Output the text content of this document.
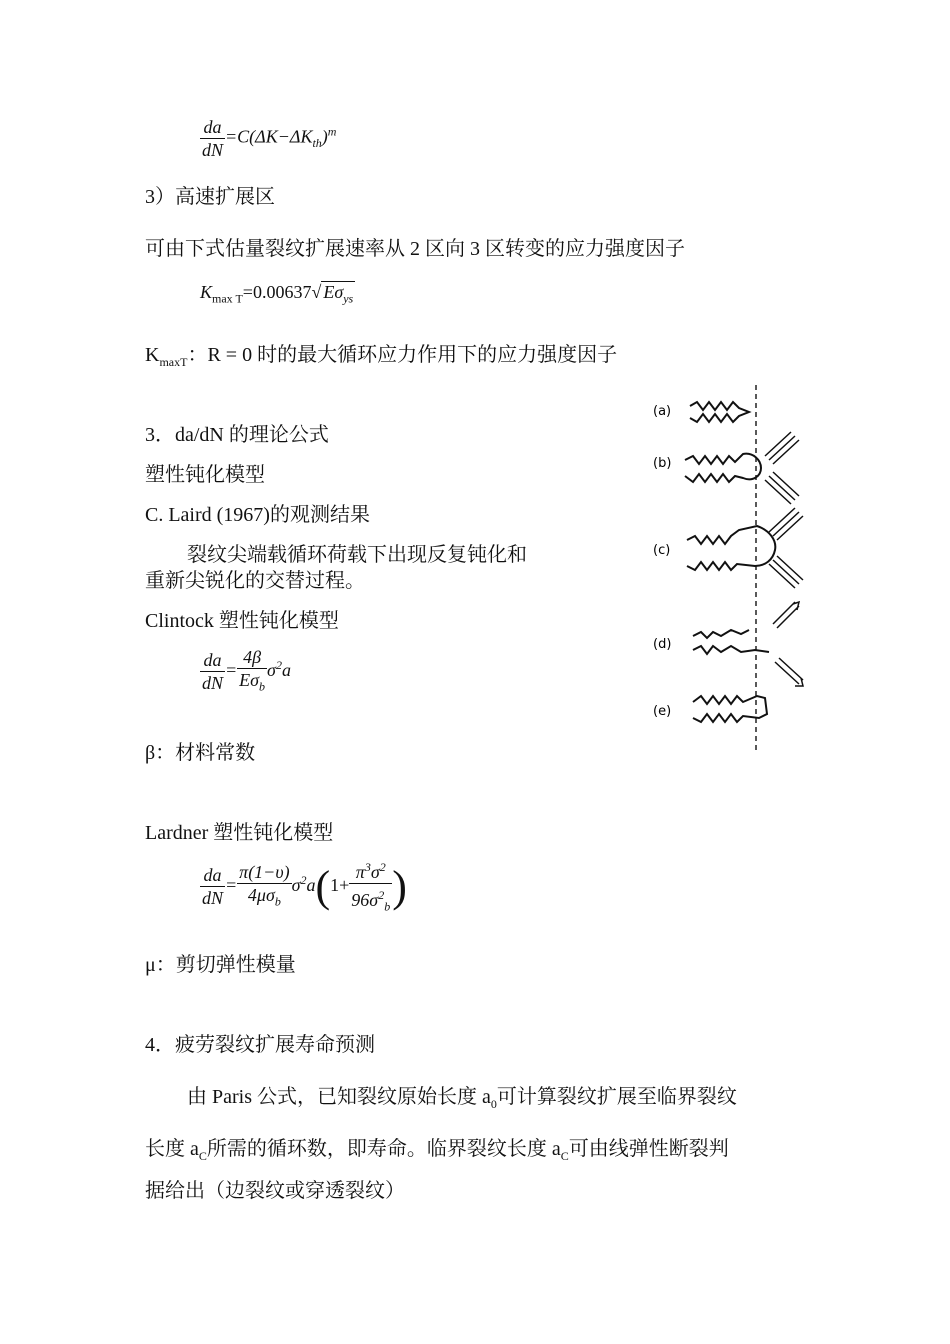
$\frac{da}{dN} =C(\Delta K-\Delta K_{th})^m$
3）高速扩展区
可由下式估量裂纹扩展速率从 2 区向 3 区转变的应力强度因子
$K_{max T}=0.00637√$ $E\sigma_{ys}$
$K_{maxT}$：R = 0 时的最大循环应力作用下的应力强度因子
3．da/dN 的理论公式
塑性钝化模型
C. Laird (1967)的观测结果
裂纹尖端载循环荷载下出现反复钝化和
重新尖锐化的交替过程。
Clintock 塑性钝化模型
$\frac{da}{dN} = \frac{4\beta}{E\sigma_b} \sigma^2a$
β：材料常数
Lardner 塑性钝化模型
$\frac{da}{dN} = \frac{\pi(1-\upsilon)}{4\mu\sigma_b} \sigma^2a(1+ \frac{\pi^3\sigma^2}{96\sigma^2_b}$ )
μ：剪切弹性模量
4．疲劳裂纹扩展寿命预测
由 Paris 公式，已知裂纹原始长度 $a_0$可计算裂纹扩展至临界裂纹
长度 $a_C$所需的循环数，即寿命。临界裂纹长度 $a_C$可由线弹性断裂判
据给出（边裂纹或穿透裂纹）
(a)
(b)
(c)
(d)
(e)
